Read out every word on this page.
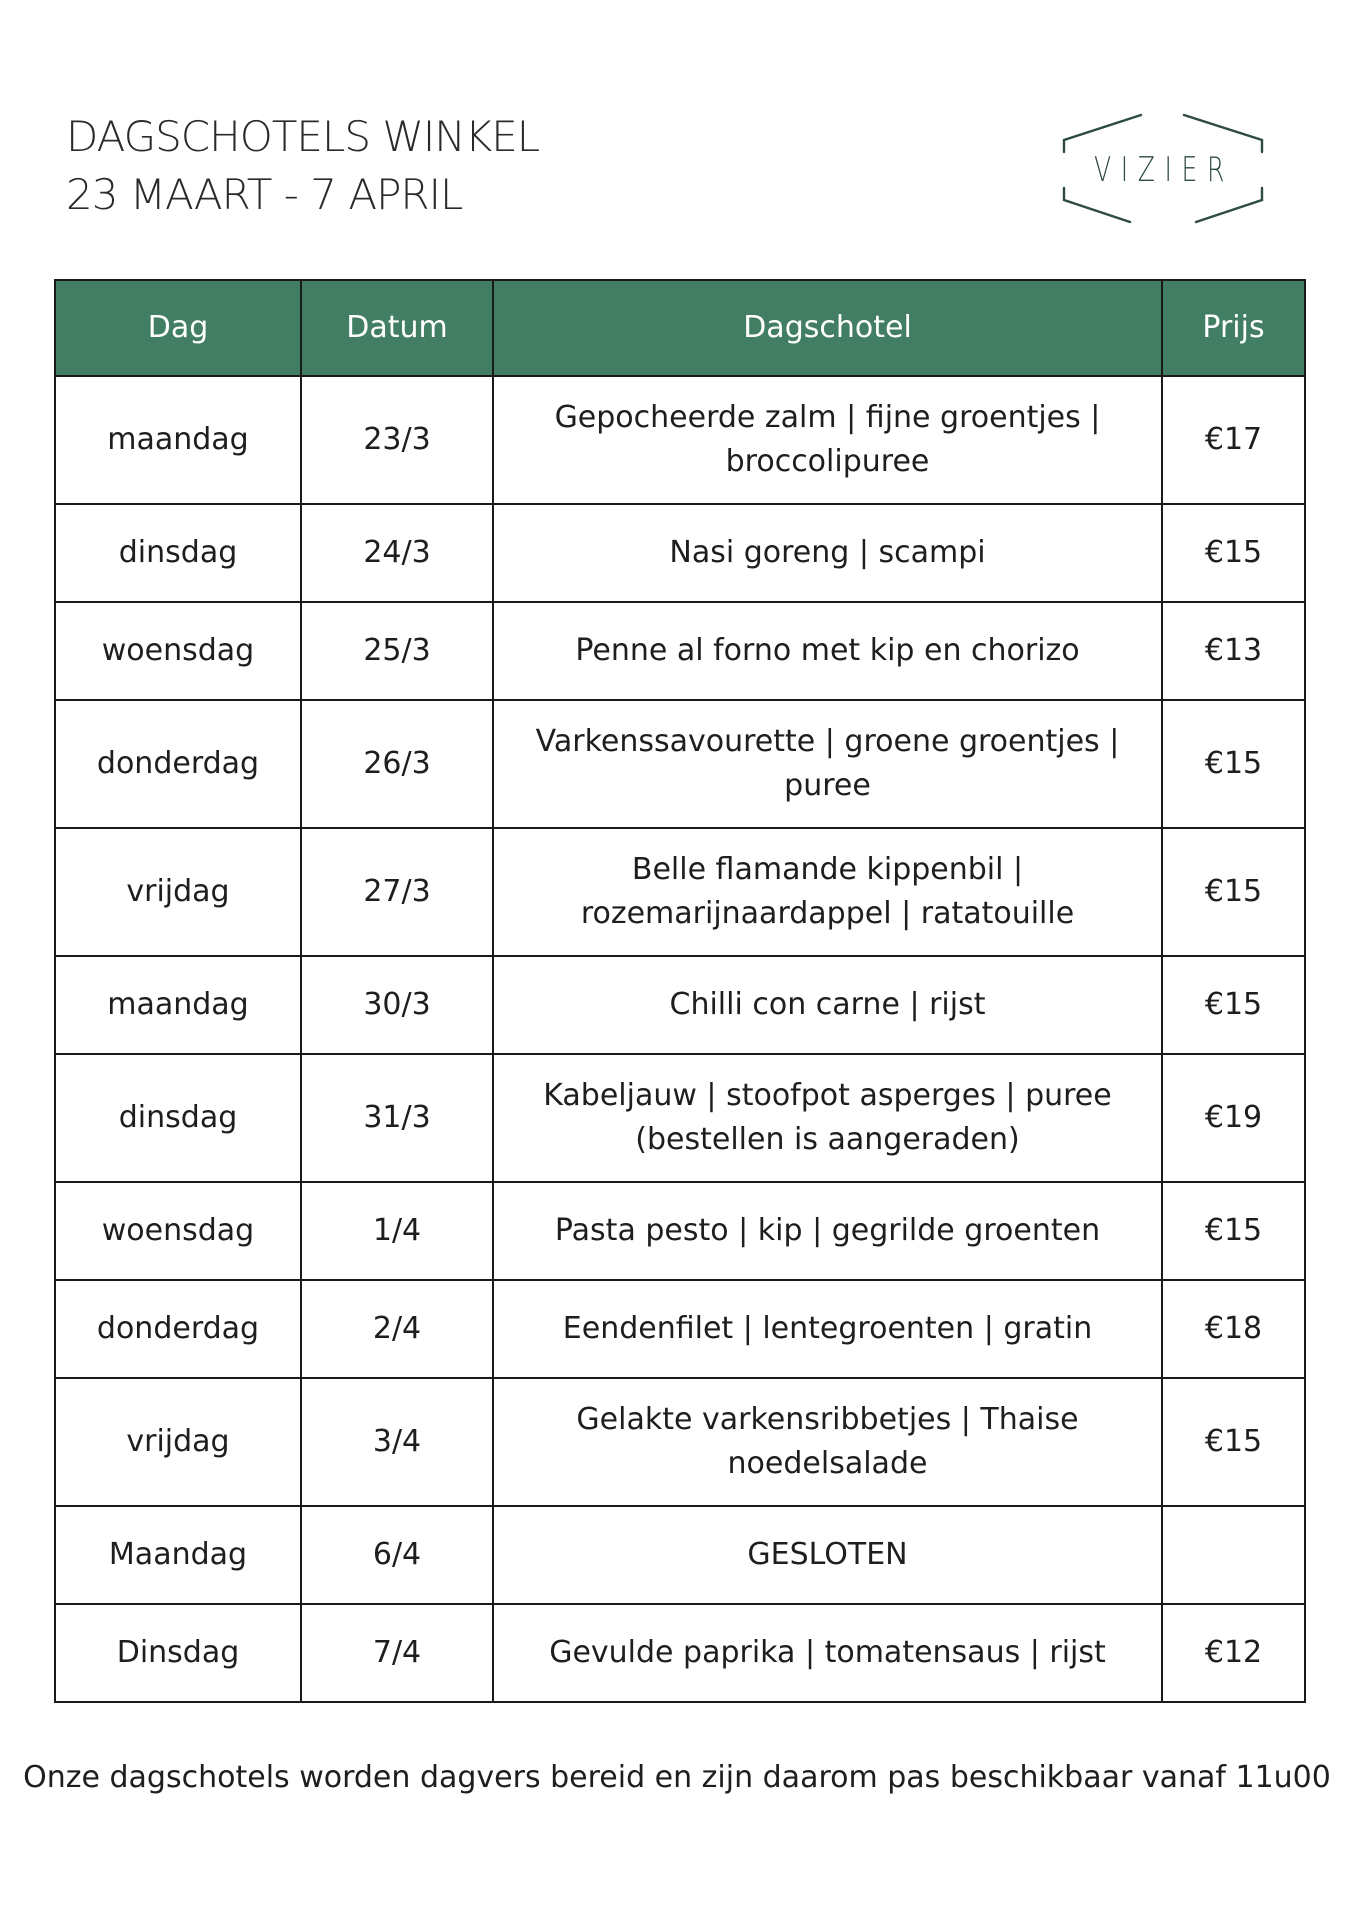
DAGSCHOTELS WINKEL
23 MAART - 7 APRIL	VIZIER
Dag	Datum	Dagschotel	Prijs
maandag	23/3	Gepocheerde zalm | fijne groentjes | broccolipuree	€17
dinsdag	24/3	Nasi goreng | scampi	€15
woensdag	25/3	Penne al forno met kip en chorizo	€13
donderdag	26/3	Varkenssavourette | groene groentjes | puree	€15
vrijdag	27/3	Belle flamande kippenbil | rozemarijnaardappel | ratatouille	€15
maandag	30/3	Chilli con carne | rijst	€15
dinsdag	31/3	Kabeljauw | stoofpot asperges | puree (bestellen is aangeraden)	€19
woensdag	1/4	Pasta pesto | kip | gegrilde groenten	€15
donderdag	2/4	Eendenfilet | lentegroenten | gratin	€18
vrijdag	3/4	Gelakte varkensribbetjes | Thaise noedelsalade	€15
Maandag	6/4	GESLOTEN	
Dinsdag	7/4	Gevulde paprika | tomatensaus | rijst	€12
Onze dagschotels worden dagvers bereid en zijn daarom pas beschikbaar vanaf 11u00
